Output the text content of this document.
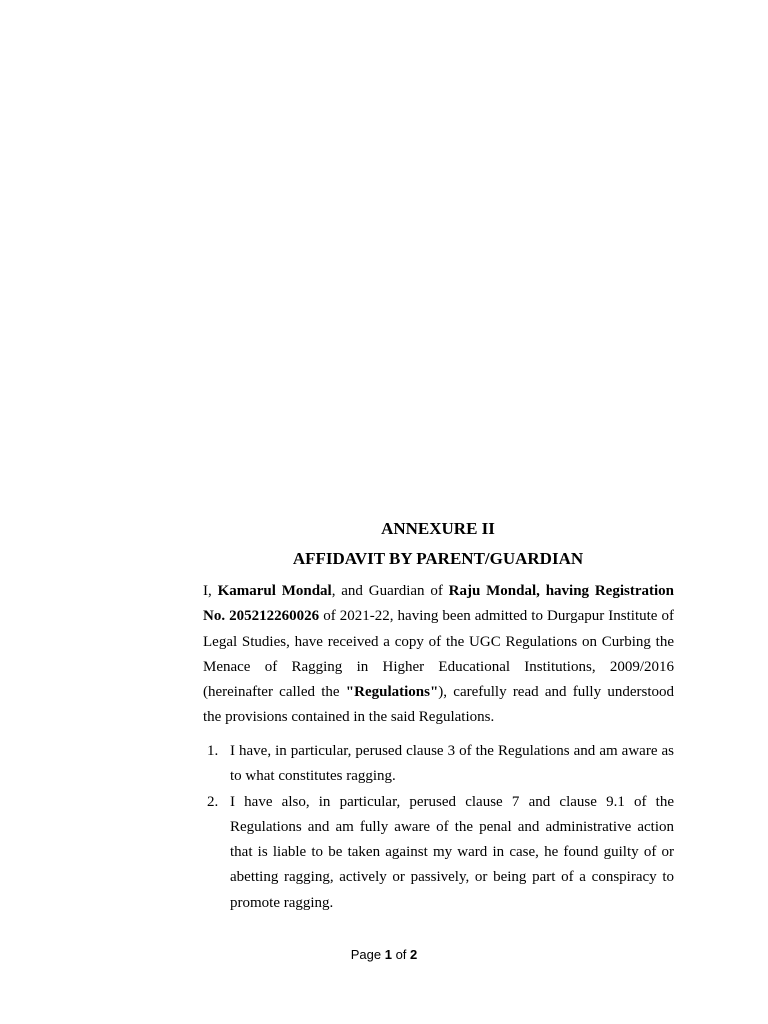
ANNEXURE II
AFFIDAVIT BY PARENT/GUARDIAN

I, Kamarul Mondal, and Guardian of Raju Mondal, having Registration No. 205212260026 of 2021-22, having been admitted to Durgapur Institute of Legal Studies, have received a copy of the UGC Regulations on Curbing the Menace of Ragging in Higher Educational Institutions, 2009/2016 (hereinafter called the "Regulations"), carefully read and fully understood the provisions contained in the said Regulations.

1. I have, in particular, perused clause 3 of the Regulations and am aware as to what constitutes ragging.
2. I have also, in particular, perused clause 7 and clause 9.1 of the Regulations and am fully aware of the penal and administrative action that is liable to be taken against my ward in case, he found guilty of or abetting ragging, actively or passively, or being part of a conspiracy to promote ragging.
Page 1 of 2
